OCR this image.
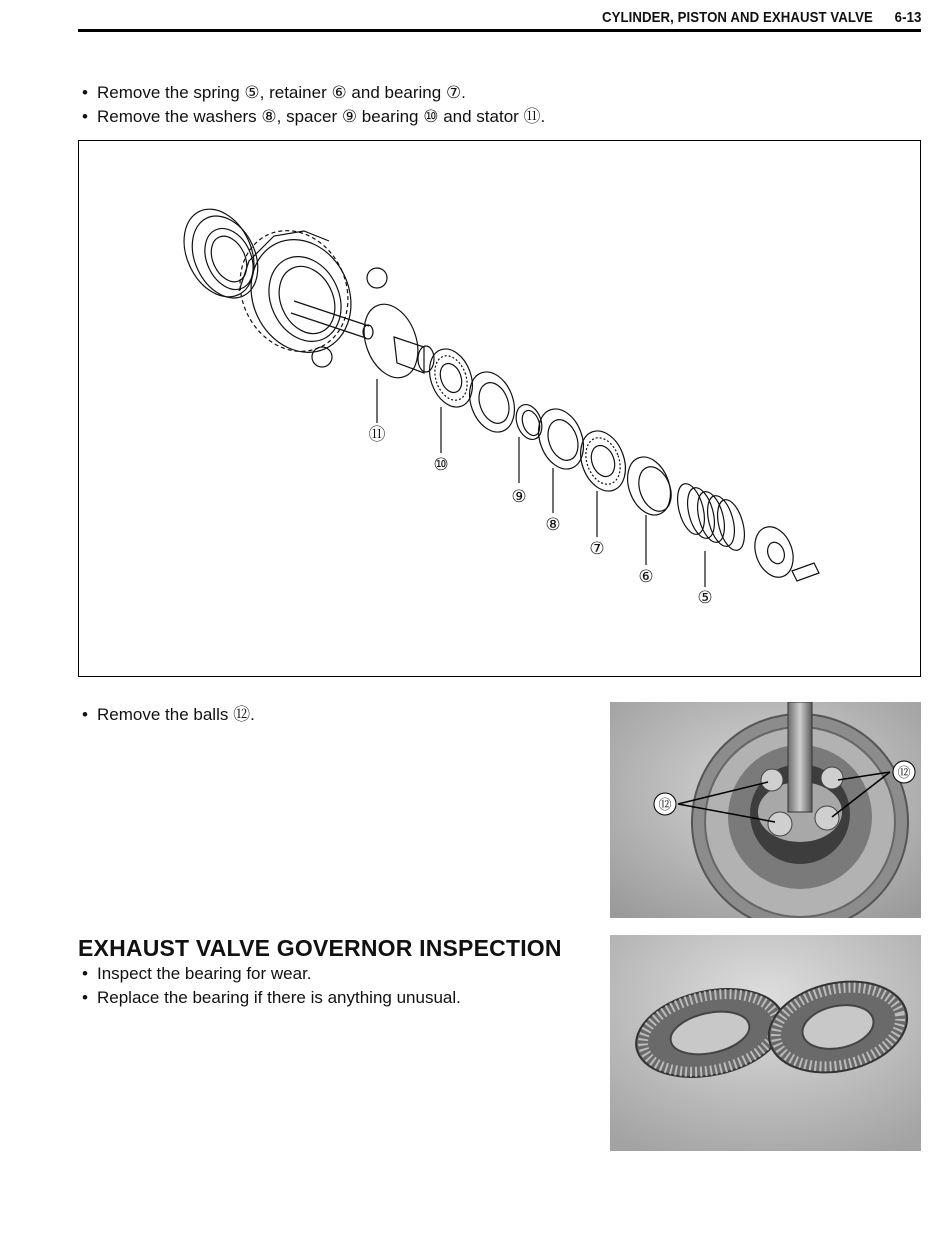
CYLINDER, PISTON AND EXHAUST VALVE 6-13
• Remove the spring ⑤, retainer ⑥ and bearing ⑦.
• Remove the washers ⑧, spacer ⑨ bearing ⑩ and stator ⑪.
⑪
⑩
⑨
⑧
⑦
⑥
⑤
• Remove the balls ⑫.
⑫
⑫
EXHAUST VALVE GOVERNOR INSPECTION
• Inspect the bearing for wear.
• Replace the bearing if there is anything unusual.
